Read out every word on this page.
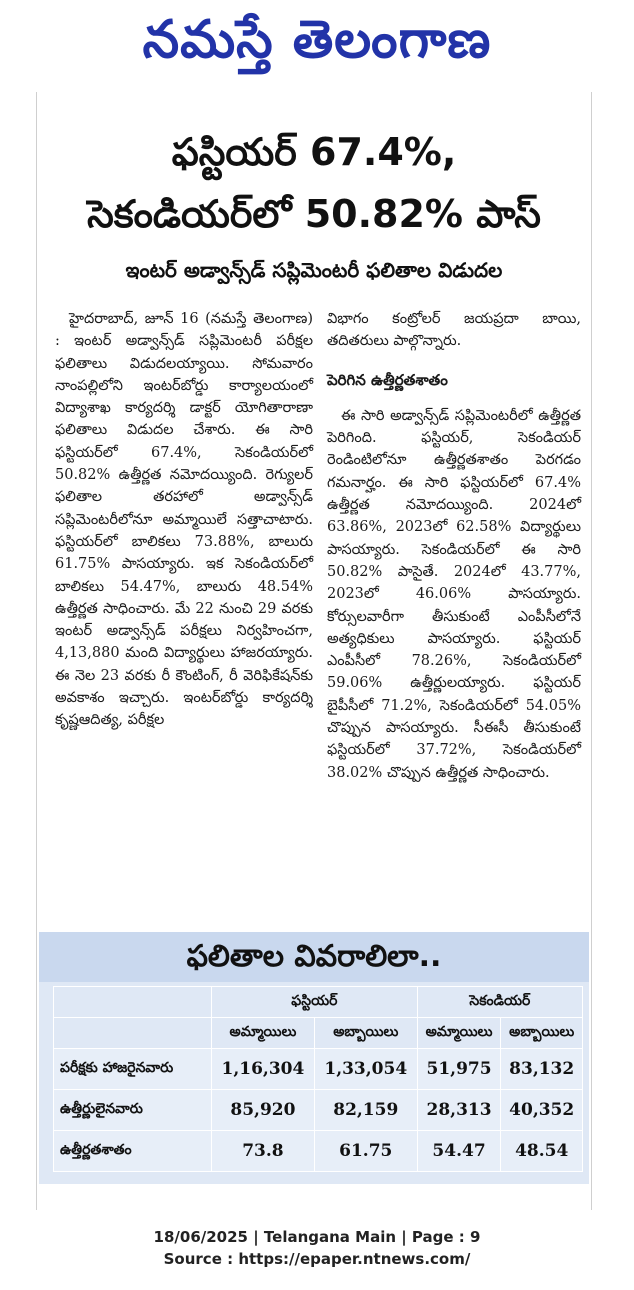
నమస్తే తెలంగాణ
ఫస్టియర్ 67.4%,
సెకండియర్‌లో 50.82% పాస్
ఇంటర్ అడ్వాన్స్‌డ్ సప్లిమెంటరీ ఫలితాల విడుదల

హైదరాబాద్, జూన్ 16 (నమస్తే తెలంగాణ) : ఇంటర్ అడ్వాన్స్‌డ్ సప్లిమెంటరీ పరీక్షల ఫలితాలు విడుదలయ్యాయి. సోమవారం నాంపల్లిలోని ఇంటర్‌బోర్డు కార్యాలయంలో విద్యాశాఖ కార్యదర్శి డాక్టర్ యోగితారాణా ఫలితాలు విడుదల చేశారు. ఈ సారి ఫస్టియర్‌లో 67.4%, సెకండియర్‌లో 50.82% ఉత్తీర్ణత నమోదయ్యింది. రెగ్యులర్ ఫలితాల తరహాలో అడ్వాన్స్‌డ్ సప్లిమెంటరీలోనూ అమ్మాయిలే సత్తాచాటారు. ఫస్టియర్‌లో బాలికలు 73.88%, బాలురు 61.75% పాసయ్యారు. ఇక సెకండియర్‌లో బాలికలు 54.47%, బాలురు 48.54% ఉత్తీర్ణత సాధించారు. మే 22 నుంచి 29 వరకు ఇంటర్ అడ్వాన్స్‌డ్ పరీక్షలు నిర్వహించగా, 4,13,880 మంది విద్యార్థులు హాజరయ్యారు. ఈ నెల 23 వరకు రీ కౌంటింగ్, రీ వెరిఫికేషన్‌కు అవకాశం ఇచ్చారు. ఇంటర్‌బోర్డు కార్యదర్శి కృష్ణఆదిత్య, పరీక్షల

విభాగం కంట్రోలర్ జయప్రదా బాయి, తదితరులు పాల్గొన్నారు.

పెరిగిన ఉత్తీర్ణతశాతం

ఈ సారి అడ్వాన్స్‌డ్ సప్లిమెంటరీలో ఉత్తీర్ణత పెరిగింది. ఫస్టియర్, సెకండియర్ రెండింటిలోనూ ఉత్తీర్ణతశాతం పెరగడం గమనార్హం. ఈ సారి ఫస్టియర్‌లో 67.4% ఉత్తీర్ణత నమోదయ్యింది. 2024లో 63.86%, 2023లో 62.58% విద్యార్థులు పాసయ్యారు. సెకండియర్‌లో ఈ సారి 50.82% పాసైతే. 2024లో 43.77%, 2023లో 46.06% పాసయ్యారు. కోర్సులవారీగా తీసుకుంటే ఎంపీసీలోనే అత్యధికులు పాసయ్యారు. ఫస్టియర్ ఎంపీసీలో 78.26%, సెకండియర్‌లో 59.06% ఉత్తీర్ణులయ్యారు. ఫస్టియర్ బైపీసీలో 71.2%, సెకండియర్‌లో 54.05% చొప్పున పాసయ్యారు. సీఈసీ తీసుకుంటే ఫస్టియర్‌లో 37.72%, సెకండియర్‌లో 38.02% చొప్పున ఉత్తీర్ణత సాధించారు.

ఫలితాల వివరాలిలా..
	ఫస్టియర్		సెకండియర్	
	అమ్మాయిలు	అబ్బాయిలు	అమ్మాయిలు	అబ్బాయిలు
పరీక్షకు హాజరైనవారు	1,16,304	1,33,054	51,975	83,132
ఉత్తీర్ణులైనవారు	85,920	82,159	28,313	40,352
ఉత్తీర్ణతశాతం	73.8	61.75	54.47	48.54
18/06/2025 | Telangana Main | Page : 9
Source : https://epaper.ntnews.com/
